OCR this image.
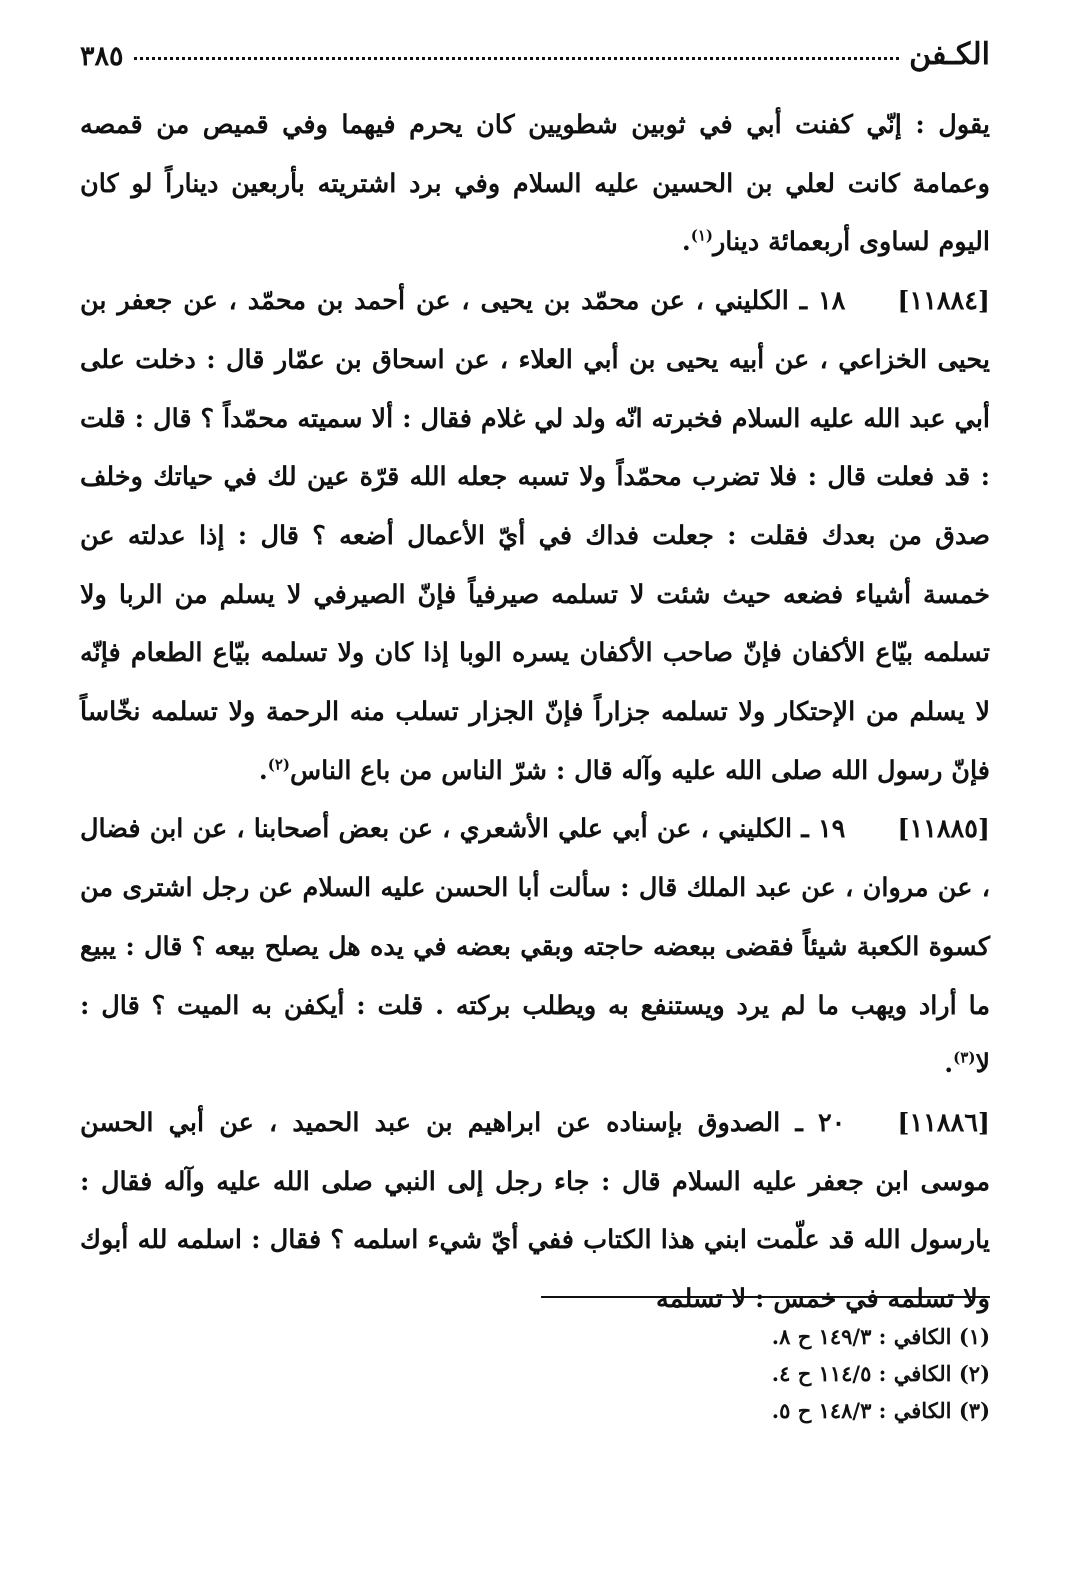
٣٨٥	الكـفن

يقول : إنّي كفنت أبي في ثوبين شطويين كان يحرم فيهما وفي قميص من قمصه وعمامة كانت لعلي بن الحسين عليه السلام وفي برد اشتريته بأربعين ديناراً لو كان اليوم لساوى أربعمائة دينار$^{(١)}$.

[١١٨٨٤]١٨ ـ الكليني ، عن محمّد بن يحيى ، عن أحمد بن محمّد ، عن جعفر بن يحيى الخزاعي ، عن أبيه يحيى بن أبي العلاء ، عن اسحاق بن عمّار قال : دخلت على أبي عبد الله عليه السلام فخبرته انّه ولد لي غلام فقال : ألا سميته محمّداً ؟ قال : قلت : قد فعلت قال : فلا تضرب محمّداً ولا تسبه جعله الله قرّة عين لك في حياتك وخلف صدق من بعدك فقلت : جعلت فداك في أيّ الأعمال أضعه ؟ قال : إذا عدلته عن خمسة أشياء فضعه حيث شئت لا تسلمه صيرفياً فإنّ الصيرفي لا يسلم من الربا ولا تسلمه بيّاع الأكفان فإنّ صاحب الأكفان يسره الوبا إذا كان ولا تسلمه بيّاع الطعام فإنّه لا يسلم من الإحتكار ولا تسلمه جزاراً فإنّ الجزار تسلب منه الرحمة ولا تسلمه نخّاساً فإنّ رسول الله صلى الله عليه وآله قال : شرّ الناس من باع الناس$^{(٢)}$.

[١١٨٨٥]١٩ ـ الكليني ، عن أبي علي الأشعري ، عن بعض أصحابنا ، عن ابن فضال ، عن مروان ، عن عبد الملك قال : سألت أبا الحسن عليه السلام عن رجل اشترى من كسوة الكعبة شيئاً فقضى ببعضه حاجته وبقي بعضه في يده هل يصلح بيعه ؟ قال : يبيع ما أراد ويهب ما لم يرد ويستنفع به ويطلب بركته . قلت : أيكفن به الميت ؟ قال : لا$^{(٣)}$.

[١١٨٨٦]٢٠ ـ الصدوق بإسناده عن ابراهيم بن عبد الحميد ، عن أبي الحسن موسى ابن جعفر عليه السلام قال : جاء رجل إلى النبي صلى الله عليه وآله فقال : يارسول الله قد علّمت ابني هذا الكتاب ففي أيّ شيء اسلمه ؟ فقال : اسلمه لله أبوك ولا تسلمه في خمس : لا تسلمه

(١) الكافي : ١٤٩/٣ ح ٨.
(٢) الكافي : ١١٤/٥ ح ٤.
(٣) الكافي : ١٤٨/٣ ح ٥.
